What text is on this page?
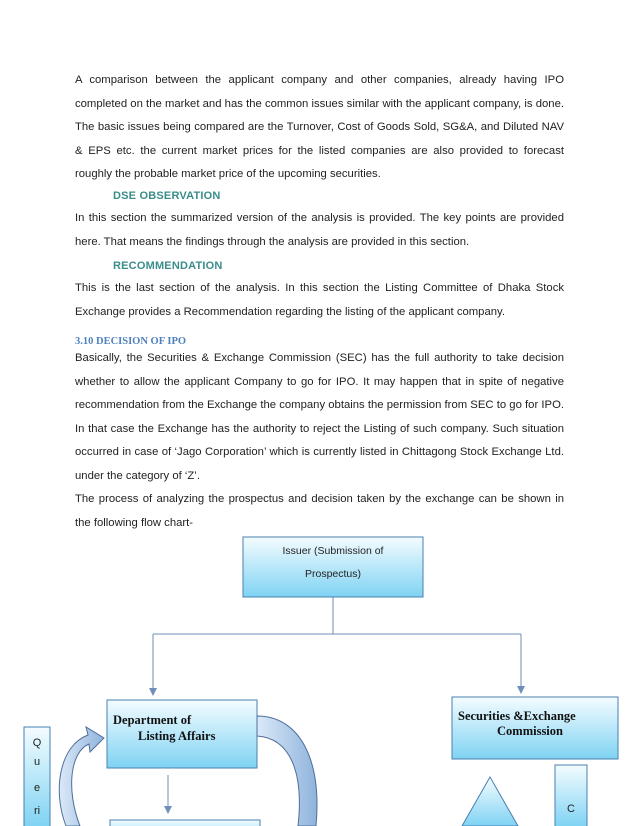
A comparison between the applicant company and other companies, already having IPO completed on the market and has the common issues similar with the applicant company, is done. The basic issues being compared are the Turnover, Cost of Goods Sold, SG&A, and Diluted NAV & EPS etc. the current market prices for the listed companies are also provided to forecast roughly the probable market price of the upcoming securities.

DSE OBSERVATION

In this section the summarized version of the analysis is provided. The key points are provided here. That means the findings through the analysis are provided in this section.

RECOMMENDATION

This is the last section of the analysis. In this section the Listing Committee of Dhaka Stock Exchange provides a Recommendation regarding the listing of the applicant company.

3.10 DECISION OF IPO

Basically, the Securities & Exchange Commission (SEC) has the full authority to take decision whether to allow the applicant Company to go for IPO. It may happen that in spite of negative recommendation from the Exchange the company obtains the permission from SEC to go for IPO. In that case the Exchange has the authority to reject the Listing of such company. Such situation occurred in case of ‘Jago Corporation’ which is currently listed in Chittagong Stock Exchange Ltd. under the category of ‘Z’.

The process of analyzing the prospectus and decision taken by the exchange can be shown in the following flow chart-

Issuer (Submission of
Prospectus)
Department of
Listing Affairs
Securities &Exchange
Commission
Q
u
e
ri	C
